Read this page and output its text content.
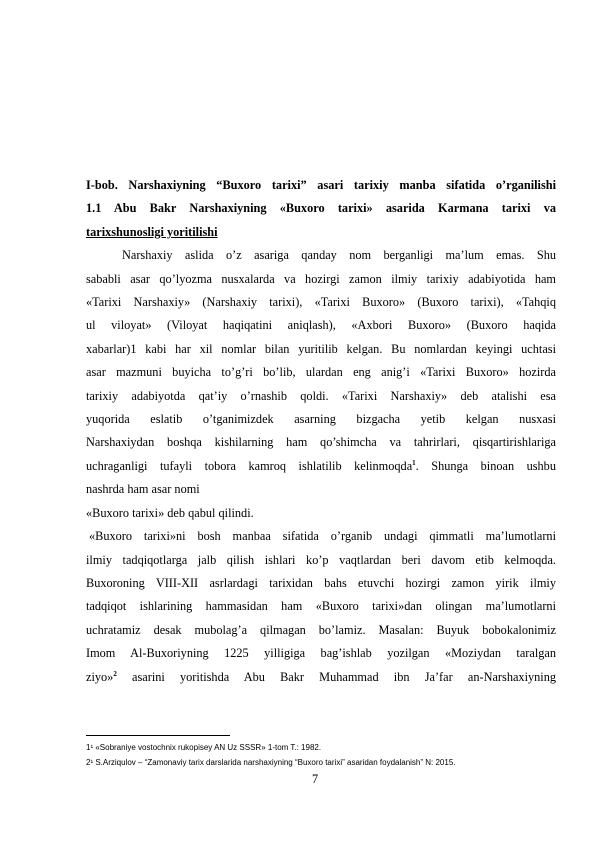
I-bob. Narshaxiyning “Buxoro tarixi” asari tarixiy manba sifatida o’rganilishi

1.1 Abu Bakr Narshaxiyning «Buxoro tarixi» asarida Karmana tarixi va

tarixshunosligi yoritilishi

Narshaxiy aslida o’z asariga qanday nom berganligi ma’lum emas. Shu

sababli asar qo’lyozma nusxalarda va hozirgi zamon ilmiy tarixiy adabiyotida ham

«Tarixi Narshaxiy» (Narshaxiy tarixi), «Tarixi Buxoro» (Buxoro tarixi), «Tahqiq

ul viloyat» (Viloyat haqiqatini aniqlash), «Axbori Buxoro» (Buxoro haqida

xabarlar)1 kabi har xil nomlar bilan yuritilib kelgan. Bu nomlardan keyingi uchtasi

asar mazmuni buyicha to’g’ri bo’lib, ulardan eng anig’i «Tarixi Buxoro» hozirda

tarixiy adabiyotda qat’iy o’rnashib qoldi. «Tarixi Narshaxiy» deb atalishi esa

yuqorida eslatib o’tganimizdek asarning bizgacha yetib kelgan nusxasi

Narshaxiydan boshqa kishilarning ham qo’shimcha va tahrirlari, qisqartirishlariga

uchraganligi tufayli tobora kamroq ishlatilib kelinmoqda$^1$. Shunga binoan ushbu

nashrda ham asar nomi

«Buxoro tarixi» deb qabul qilindi.

«Buxoro tarixi»ni bosh manbaa sifatida o’rganib undagi qimmatli ma’lumotlarni

ilmiy tadqiqotlarga jalb qilish ishlari ko’p vaqtlardan beri davom etib kelmoqda.

Buxoroning VIII-XII asrlardagi tarixidan bahs etuvchi hozirgi zamon yirik ilmiy

tadqiqot ishlarining hammasidan ham «Buxoro tarixi»dan olingan ma’lumotlarni

uchratamiz desak mubolag’a qilmagan bo’lamiz. Masalan: Buyuk bobokalonimiz

Imom Al-Buxoriyning 1225 yilligiga bag’ishlab yozilgan «Moziydan taralgan

ziyo»$^2$ asarini yoritishda Abu Bakr Muhammad ibn Ja’far an-Narshaxiyning

1¹ «Sobraniye vostochnix rukopisey AN Uz SSSR» 1-tom T.: 1982.

2¹ S.Arziqulov – “Zamonaviy tarix darslarida narshaxiyning “Buxoro tarixi” asaridan foydalanish” N: 2015.

7
